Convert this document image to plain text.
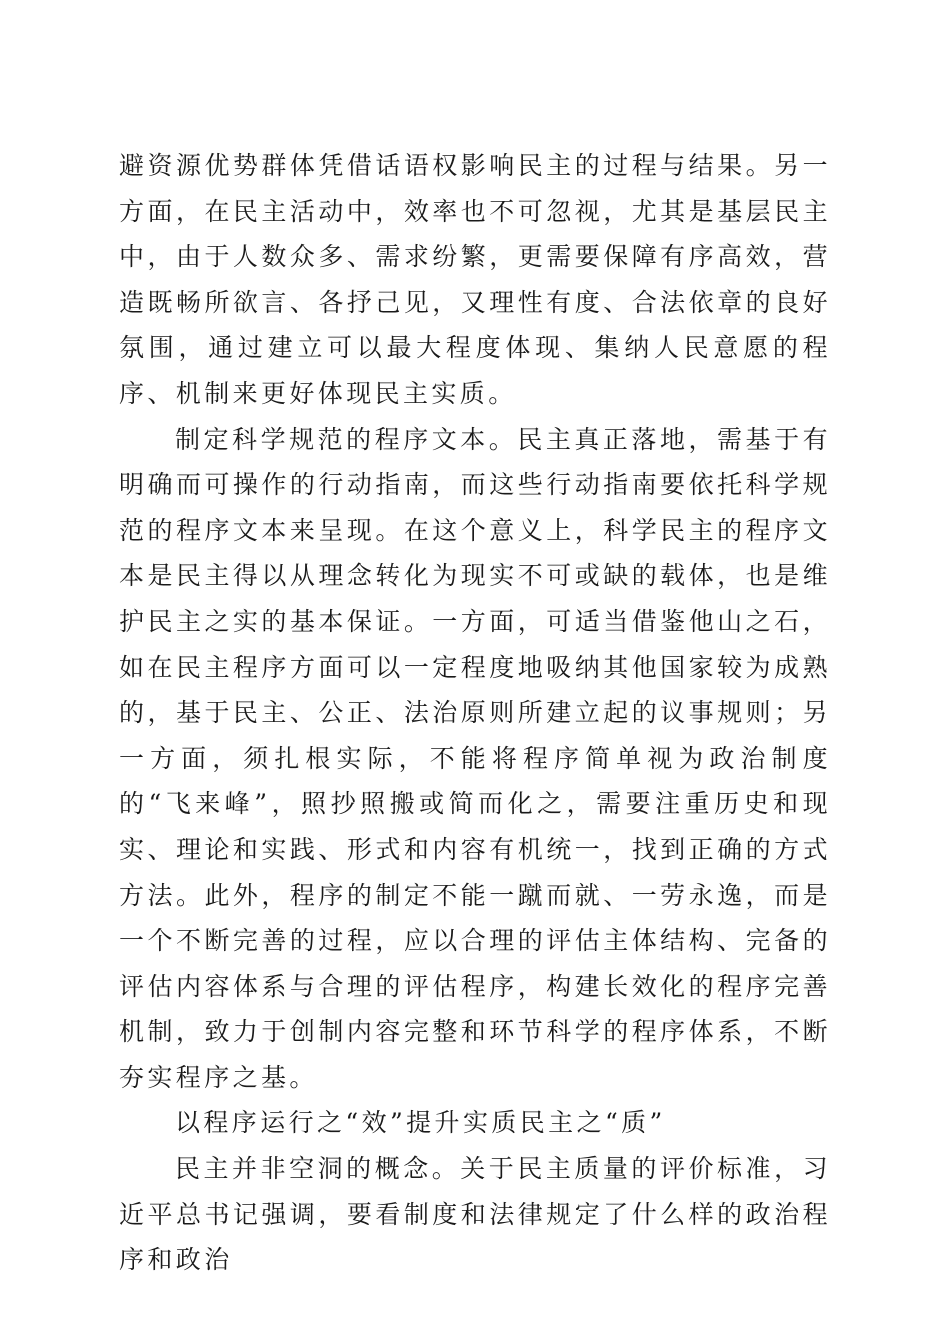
避资源优势群体凭借话语权影响民主的过程与结果。另一方面，在民主活动中，效率也不可忽视，尤其是基层民主中，由于人数众多、需求纷繁，更需要保障有序高效，营造既畅所欲言、各抒己见，又理性有度、合法依章的良好氛围，通过建立可以最大程度体现、集纳人民意愿的程序、机制来更好体现民主实质。

制定科学规范的程序文本。民主真正落地，需基于有明确而可操作的行动指南，而这些行动指南要依托科学规范的程序文本来呈现。在这个意义上，科学民主的程序文本是民主得以从理念转化为现实不可或缺的载体，也是维护民主之实的基本保证。一方面，可适当借鉴他山之石，如在民主程序方面可以一定程度地吸纳其他国家较为成熟的，基于民主、公正、法治原则所建立起的议事规则；另一方面，须扎根实际，不能将程序简单视为政治制度的“飞来峰”，照抄照搬或简而化之，需要注重历史和现实、理论和实践、形式和内容有机统一，找到正确的方式方法。此外，程序的制定不能一蹴而就、一劳永逸，而是一个不断完善的过程，应以合理的评估主体结构、完备的评估内容体系与合理的评估程序，构建长效化的程序完善机制，致力于创制内容完整和环节科学的程序体系，不断夯实程序之基。

以程序运行之“效”提升实质民主之“质”

民主并非空洞的概念。关于民主质量的评价标准，习近平总书记强调，要看制度和法律规定了什么样的政治程序和政治
